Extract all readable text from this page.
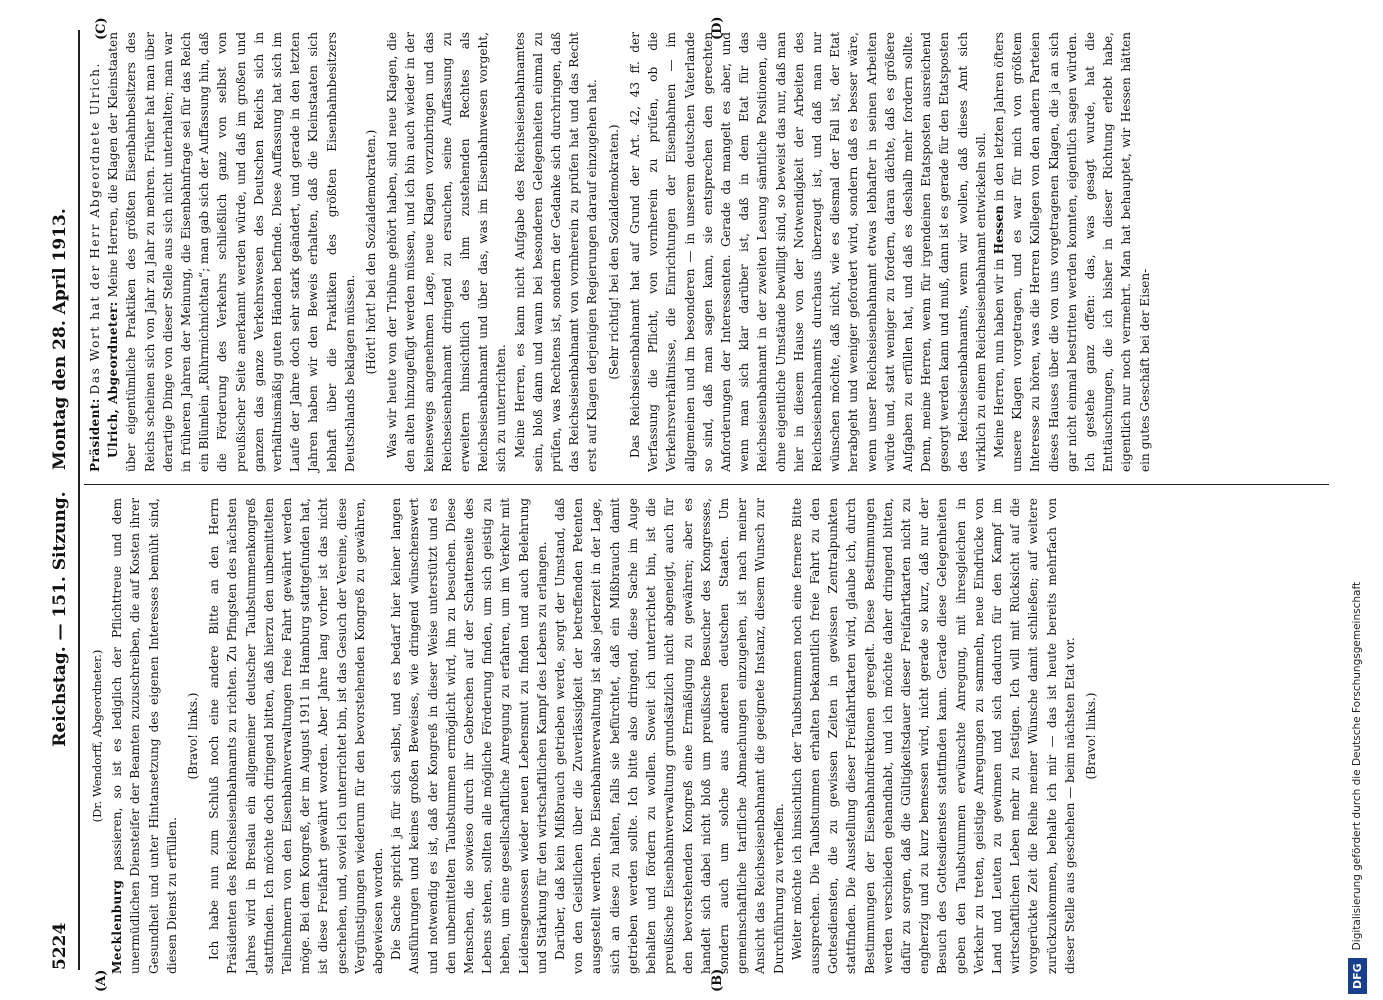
DFG
Digitalisierung gefördert durch die Deutsche Forschungsgemeinschaft
5224 Reichstag. — 151. Sitzung.
Montag den 28. April 1913.
(A)	(B)
(C)	(D)

(Dr. Wendorff, Abgeordneter.)

Mecklenburg passieren, so ist es lediglich der Pflichttreue und dem unermüdlichen Diensteifer der Beamten zuzuschreiben, die auf Kosten ihrer Gesundheit und unter Hintansetzung des eigenen Interesses bemüht sind, diesen Dienst zu erfüllen.

(Bravo! links.) Ich habe nun zum Schluß noch eine andere Bitte an den Herrn Präsidenten des Reichseisenbahnamts zu richten. Zu Pfingsten des nächsten Jahres wird in Breslau ein allgemeiner deutscher Taubstummenkongreß stattfinden. Ich möchte doch dringend bitten, daß hierzu den unbemittelten Teilnehmern von den Eisenbahnverwaltungen freie Fahrt gewährt werden möge. Bei dem Kongreß, der im August 1911 in Hamburg stattgefunden hat, ist diese Freifahrt gewährt worden. Aber Jahre lang vorher ist das nicht geschehen, und, soviel ich unterrichtet bin, ist das Gesuch der Vereine, diese Vergünstigungen wiederum für den bevorstehenden Kongreß zu gewähren, abgewiesen worden. Die Sache spricht ja für sich selbst, und es bedarf hier keiner langen Ausführungen und keines großen Beweises, wie dringend wünschenswert und notwendig es ist, daß der Kongreß in dieser Weise unterstützt und es den unbemittelten Taubstummen ermöglicht wird, ihn zu besuchen. Diese Menschen, die sowieso durch ihr Gebrechen auf der Schattenseite des Lebens stehen, sollten alle mögliche Förderung finden, um sich geistig zu heben, um eine gesellschaftliche Anregung zu erfahren, um im Verkehr mit Leidensgenossen wieder neuen Lebensmut zu finden und auch Belehrung und Stärkung für den wirtschaftlichen Kampf des Lebens zu erlangen. Darüber, daß kein Mißbrauch getrieben werde, sorgt der Umstand, daß von den Geistlichen über die Zuverlässigkeit der betreffenden Petenten ausgestellt werden. Die Eisenbahnverwaltung ist also jederzeit in der Lage, sich an diese zu halten, falls sie befürchtet, daß ein Mißbrauch damit getrieben werden sollte. Ich bitte also dringend, diese Sache im Auge behalten und fördern zu wollen. Soweit ich unterrichtet bin, ist die preußische Eisenbahnverwaltung grundsätzlich nicht abgeneigt, auch für den bevorstehenden Kongreß eine Ermäßigung zu gewähren; aber es handelt sich dabei nicht bloß um preußische Besucher des Kongresses, sondern auch um solche aus anderen deutschen Staaten. Um gemeinschaftliche tarifliche Abmachungen einzugehen, ist nach meiner Ansicht das Reichseisenbahnamt die geeignete Instanz, diesem Wunsch zur Durchführung zu verhelfen. Weiter möchte ich hinsichtlich der Taubstummen noch eine fernere Bitte aussprechen. Die Taubstummen erhalten bekanntlich freie Fahrt zu den Gottesdiensten, die zu gewissen Zeiten in gewissen Zentralpunkten stattfinden. Die Ausstellung dieser Freifahrtkarten wird, glaube ich, durch Bestimmungen der Eisenbahndirektionen geregelt. Diese Bestimmungen werden verschieden gehandhabt, und ich möchte daher dringend bitten, dafür zu sorgen, daß die Gültigkeitsdauer dieser Freifahrtkarten nicht zu engherzig und zu kurz bemessen wird, nicht gerade so kurz, daß nur der Besuch des Gottesdienstes stattfinden kann. Gerade diese Gelegenheiten geben den Taubstummen erwünschte Anregung, mit ihresgleichen in Verkehr zu treten, geistige Anregungen zu sammeln, neue Eindrücke von Land und Leuten zu gewinnen und sich dadurch für den Kampf im wirtschaftlichen Leben mehr zu festigen. Ich will mit Rücksicht auf die vorgerückte Zeit die Reihe meiner Wünsche damit schließen; auf weitere zurückzukommen, behalte ich mir — das ist heute bereits mehrfach von dieser Stelle aus geschehen — beim nächsten Etat vor. (Bravo! links.)

Präsident: Das Wort hat der Herr Abgeordnete Ulrich. Ulrich, Abgeordneter: Meine Herren, die Klagen der Kleinstaaten über eigentümliche Praktiken des größten Eisenbahnbesitzers des Reichs scheinen sich von Jahr zu Jahr zu mehren. Früher hat man über derartige Dinge von dieser Stelle aus sich nicht unterhalten; man war in früheren Jahren der Meinung, die Eisenbahnfrage sei für das Reich ein Blümlein „Rührmichnichtan“; man gab sich der Auffassung hin, daß die Förderung des Verkehrs schließlich ganz von selbst von preußischer Seite anerkannt werden würde, und daß im großen und ganzen das ganze Verkehrswesen des Deutschen Reichs sich in verhältnismäßig guten Händen befinde. Diese Auffassung hat sich im Laufe der Jahre doch sehr stark geändert, und gerade in den letzten Jahren haben wir den Beweis erhalten, daß die Kleinstaaten sich lebhaft über die Praktiken des größten Eisenbahnbesitzers Deutschlands beklagen müssen. (Hört! hört! bei den Sozialdemokraten.) Was wir heute von der Tribüne gehört haben, sind neue Klagen, die den alten hinzugefügt werden müssen, und ich bin auch wieder in der keineswegs angenehmen Lage, neue Klagen vorzubringen und das Reichseisenbahnamt dringend zu ersuchen, seine Auffassung zu erweitern hinsichtlich des ihm zustehenden Rechtes als Reichseisenbahnamt und über das, was im Eisenbahnwesen vorgeht, sich zu unterrichten. Meine Herren, es kann nicht Aufgabe des Reichseisenbahnamtes sein, bloß dann und wann bei besonderen Gelegenheiten einmal zu prüfen, was Rechtens ist, sondern der Gedanke sich durchringen, daß das Reichseisenbahnamt von vornherein zu prüfen hat und das Recht erst auf Klagen derjenigen Regierungen darauf einzugehen hat. (Sehr richtig! bei den Sozialdemokraten.) Das Reichseisenbahnamt hat auf Grund der Art. 42, 43 ff. der Verfassung die Pflicht, von vornherein zu prüfen, ob die Verkehrsverhältnisse, die Einrichtungen der Eisenbahnen — im allgemeinen und im besonderen — in unserem deutschen Vaterlande so sind, daß man sagen kann, sie entsprechen den gerechten Anforderungen der Interessenten. Gerade da mangelt es aber, und wenn man sich klar darüber ist, daß in dem Etat für das Reichseisenbahnamt in der zweiten Lesung sämtliche Positionen, die ohne eigentliche Umstände bewilligt sind, so beweist das nur, daß man hier in diesem Hause von der Notwendigkeit der Arbeiten des Reichseisenbahnamts durchaus überzeugt ist, und daß man nur wünschen möchte, daß nicht, wie es diesmal der Fall ist, der Etat herabgeht und weniger gefordert wird, sondern daß es besser wäre, wenn unser Reichseisenbahnamt etwas lebhafter in seinen Arbeiten würde und, statt weniger zu fordern, daran dächte, daß es größere Aufgaben zu erfüllen hat, und daß es deshalb mehr fordern sollte. Denn, meine Herren, wenn für irgendeinen Etatsposten ausreichend gesorgt werden kann und muß, dann ist es gerade für den Etatsposten des Reichseisenbahnamts, wenn wir wollen, daß dieses Amt sich wirklich zu einem Reichseisenbahnamt entwickeln soll. Meine Herren, nun haben wir in Hessen in den letzten Jahren öfters unsere Klagen vorgetragen, und es war für mich von größtem Interesse zu hören, was die Herren Kollegen von den andern Parteien dieses Hauses über die von uns vorgetragenen Klagen, die ja an sich gar nicht einmal bestritten werden konnten, eigentlich sagen würden. Ich gestehe ganz offen: das, was gesagt wurde, hat die Enttäuschungen, die ich bisher in dieser Richtung erlebt habe, eigentlich nur noch vermehrt. Man hat behauptet, wir Hessen hätten ein gutes Geschäft bei der Eisen-
